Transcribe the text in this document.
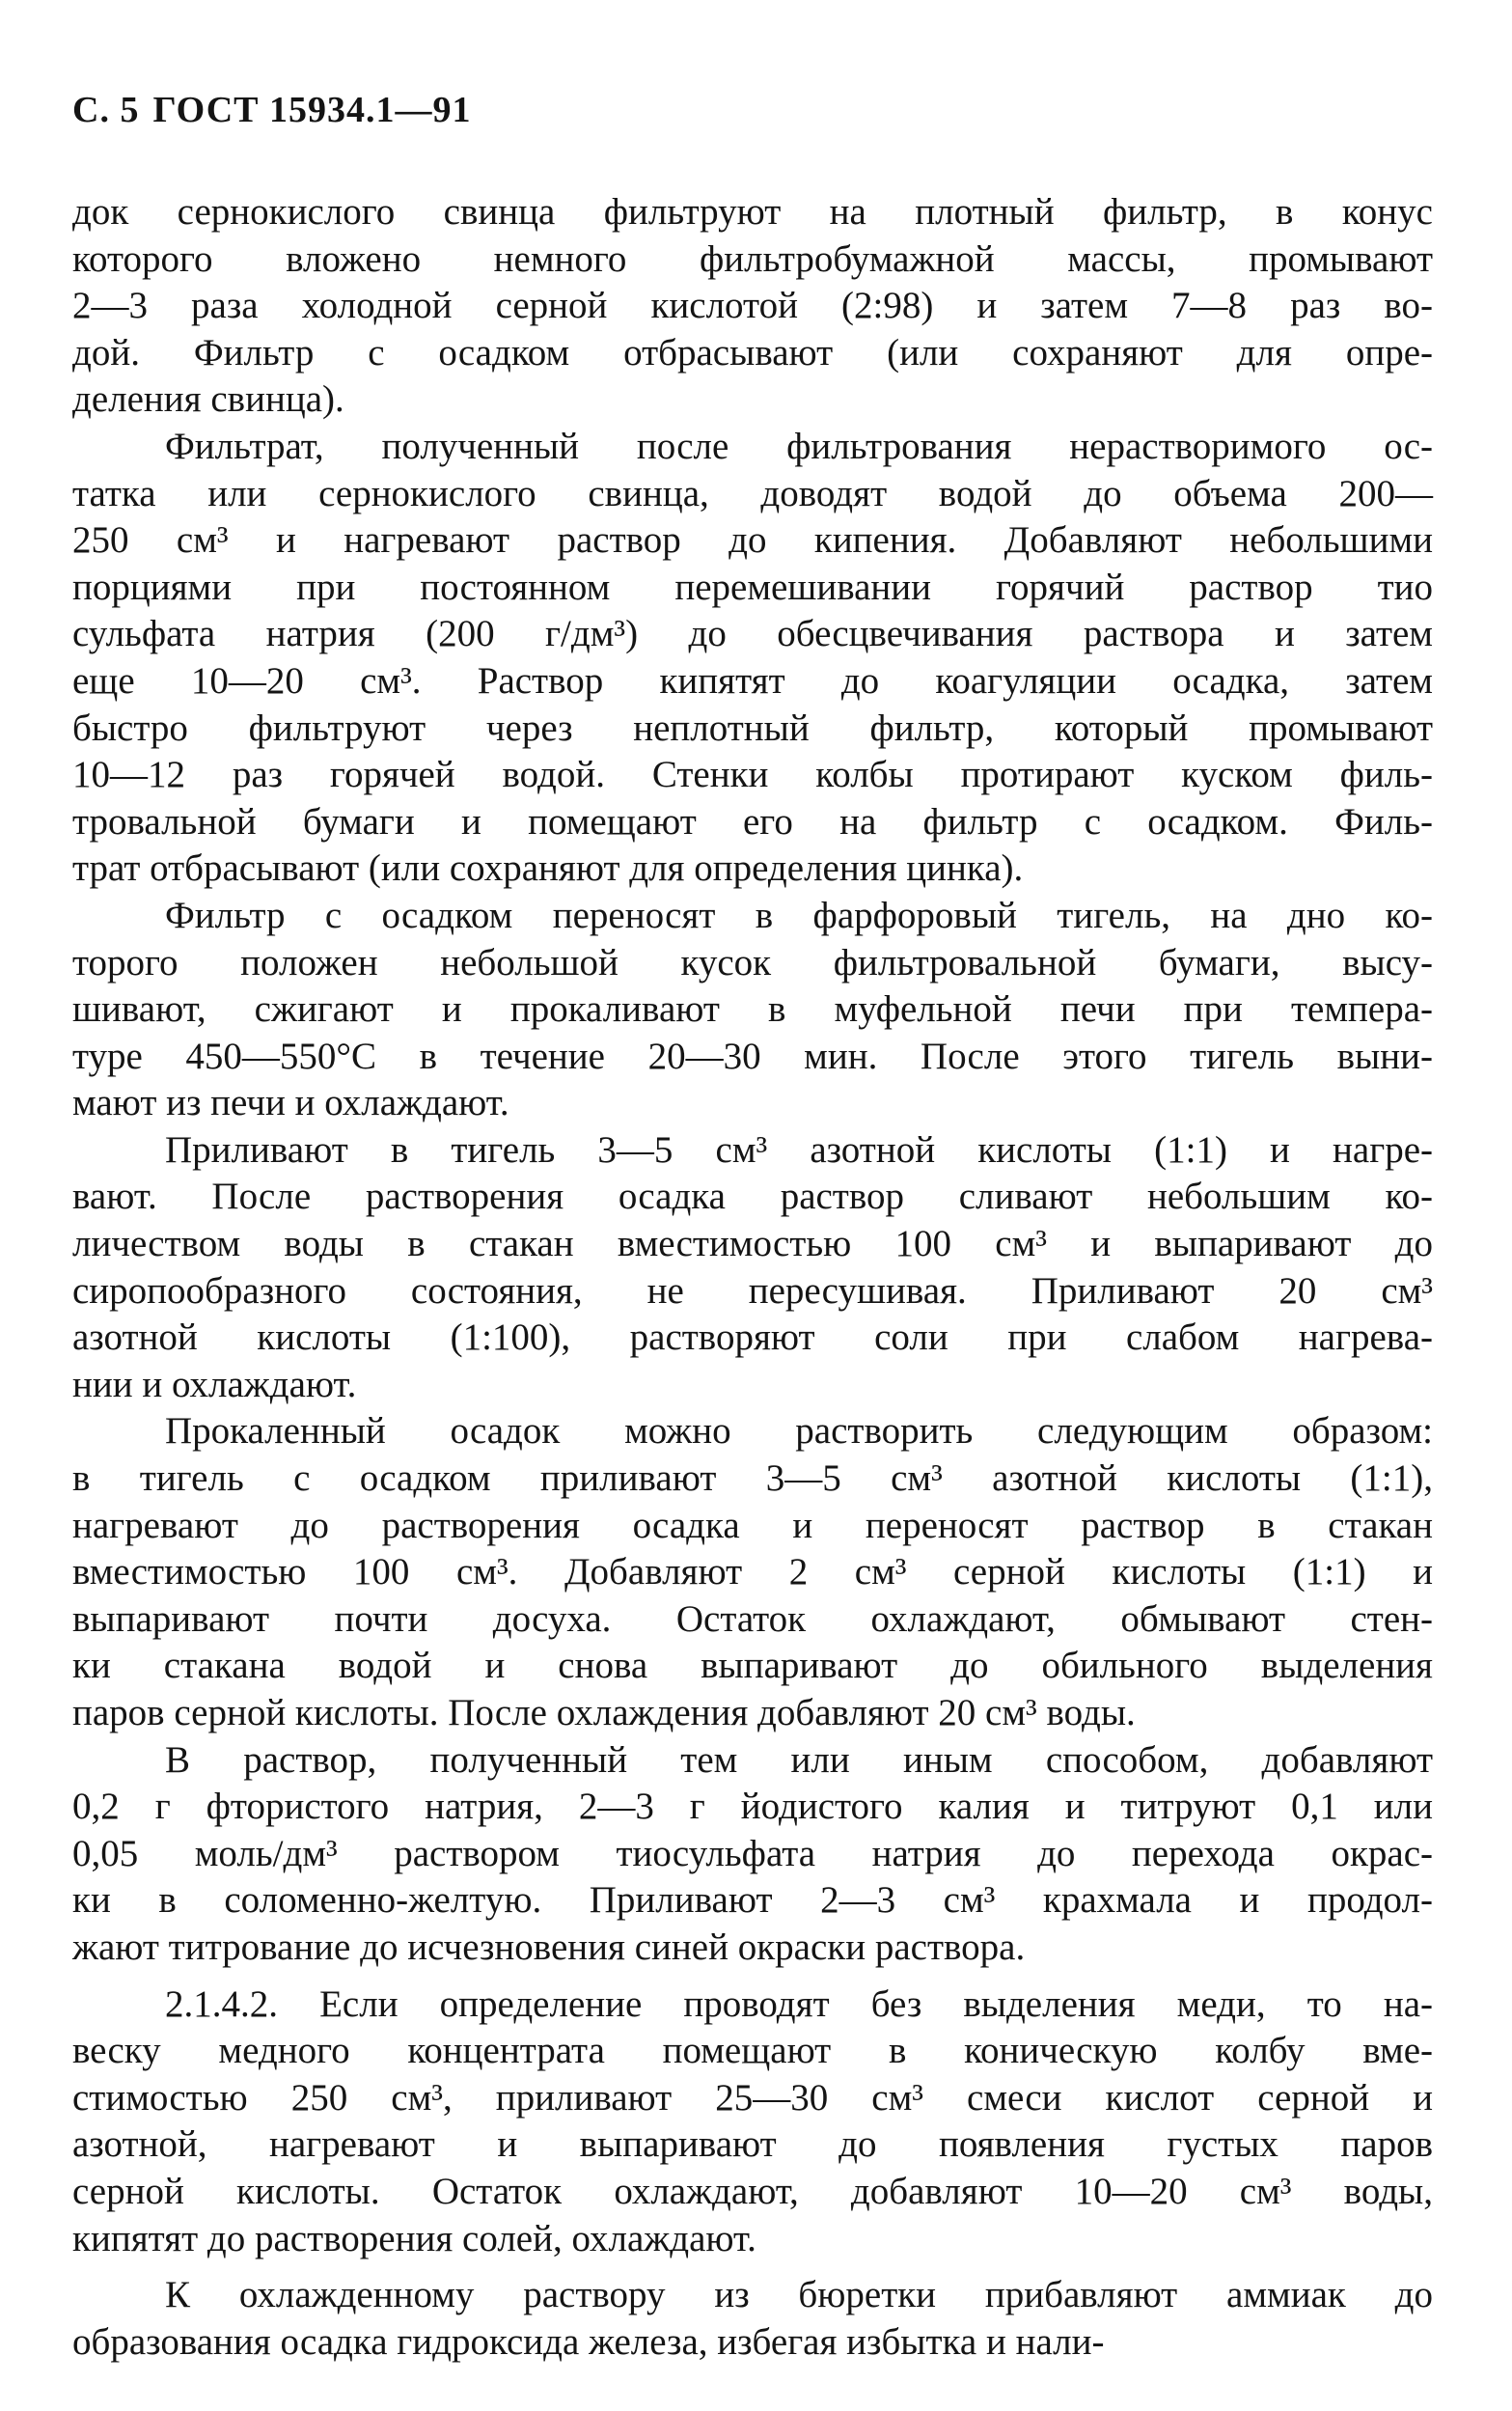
С. 5 ГОСТ 15934.1—91
док сернокислого свинца фильтруют на плотный фильтр, в конус
которого вложено немного фильтробумажной массы, промывают
2—3 раза холодной серной кислотой (2:98) и затем 7—8 раз во-
дой. Фильтр с осадком отбрасывают (или сохраняют для опре-
деления свинца).
Фильтрат, полученный после фильтрования нерастворимого ос-
татка или сернокислого свинца, доводят водой до объема 200—
250 см³ и нагревают раствор до кипения. Добавляют небольшими
порциями при постоянном перемешивании горячий раствор тио
сульфата натрия (200 г/дм³) до обесцвечивания раствора и затем
еще 10—20 см³. Раствор кипятят до коагуляции осадка, затем
быстро фильтруют через неплотный фильтр, который промывают
10—12 раз горячей водой. Стенки колбы протирают куском филь-
тровальной бумаги и помещают его на фильтр с осадком. Филь-
трат отбрасывают (или сохраняют для определения цинка).
Фильтр с осадком переносят в фарфоровый тигель, на дно ко-
торого положен небольшой кусок фильтровальной бумаги, высу-
шивают, сжигают и прокаливают в муфельной печи при темпера-
туре 450—550°С в течение 20—30 мин. После этого тигель выни-
мают из печи и охлаждают.
Приливают в тигель 3—5 см³ азотной кислоты (1:1) и нагре-
вают. После растворения осадка раствор сливают небольшим ко-
личеством воды в стакан вместимостью 100 см³ и выпаривают до
сиропообразного состояния, не пересушивая. Приливают 20 см³
азотной кислоты (1:100), растворяют соли при слабом нагрева-
нии и охлаждают.
Прокаленный осадок можно растворить следующим образом:
в тигель с осадком приливают 3—5 см³ азотной кислоты (1:1),
нагревают до растворения осадка и переносят раствор в стакан
вместимостью 100 см³. Добавляют 2 см³ серной кислоты (1:1) и
выпаривают почти досуха. Остаток охлаждают, обмывают стен-
ки стакана водой и снова выпаривают до обильного выделения
паров серной кислоты. После охлаждения добавляют 20 см³ воды.
В раствор, полученный тем или иным способом, добавляют
0,2 г фтористого натрия, 2—3 г йодистого калия и титруют 0,1 или
0,05 моль/дм³ раствором тиосульфата натрия до перехода окрас-
ки в соломенно-желтую. Приливают 2—3 см³ крахмала и продол-
жают титрование до исчезновения синей окраски раствора.
2.1.4.2. Если определение проводят без выделения меди, то на-
веску медного концентрата помещают в коническую колбу вме-
стимостью 250 см³, приливают 25—30 см³ смеси кислот серной и
азотной, нагревают и выпаривают до появления густых паров
серной кислоты. Остаток охлаждают, добавляют 10—20 см³ воды,
кипятят до растворения солей, охлаждают.
К охлажденному раствору из бюретки прибавляют аммиак до
образования осадка гидроксида железа, избегая избытка и нали-
